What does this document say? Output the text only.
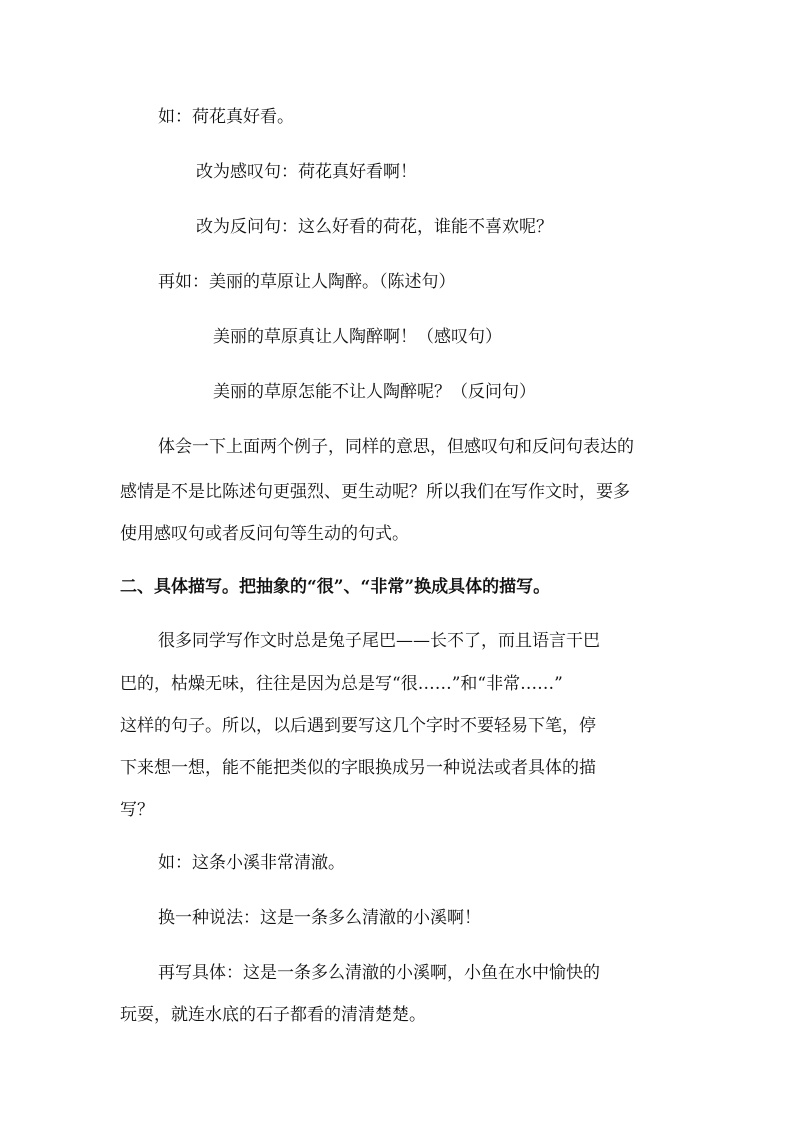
如：荷花真好看。
改为感叹句：荷花真好看啊！
改为反问句：这么好看的荷花，谁能不喜欢呢？
再如：美丽的草原让人陶醉。（陈述句）
美丽的草原真让人陶醉啊！（感叹句）
美丽的草原怎能不让人陶醉呢？（反问句）
体会一下上面两个例子，同样的意思，但感叹句和反问句表达的
感情是不是比陈述句更强烈、更生动呢？所以我们在写作文时，要多
使用感叹句或者反问句等生动的句式。
二、具体描写。把抽象的“很”、“非常”换成具体的描写。
很多同学写作文时总是兔子尾巴——长不了，而且语言干巴
巴的，枯燥无味，往往是因为总是写“很……”和“非常……”
这样的句子。所以，以后遇到要写这几个字时不要轻易下笔，停
下来想一想，能不能把类似的字眼换成另一种说法或者具体的描
写？
如：这条小溪非常清澈。
换一种说法：这是一条多么清澈的小溪啊！
再写具体：这是一条多么清澈的小溪啊，小鱼在水中愉快的
玩耍，就连水底的石子都看的清清楚楚。
